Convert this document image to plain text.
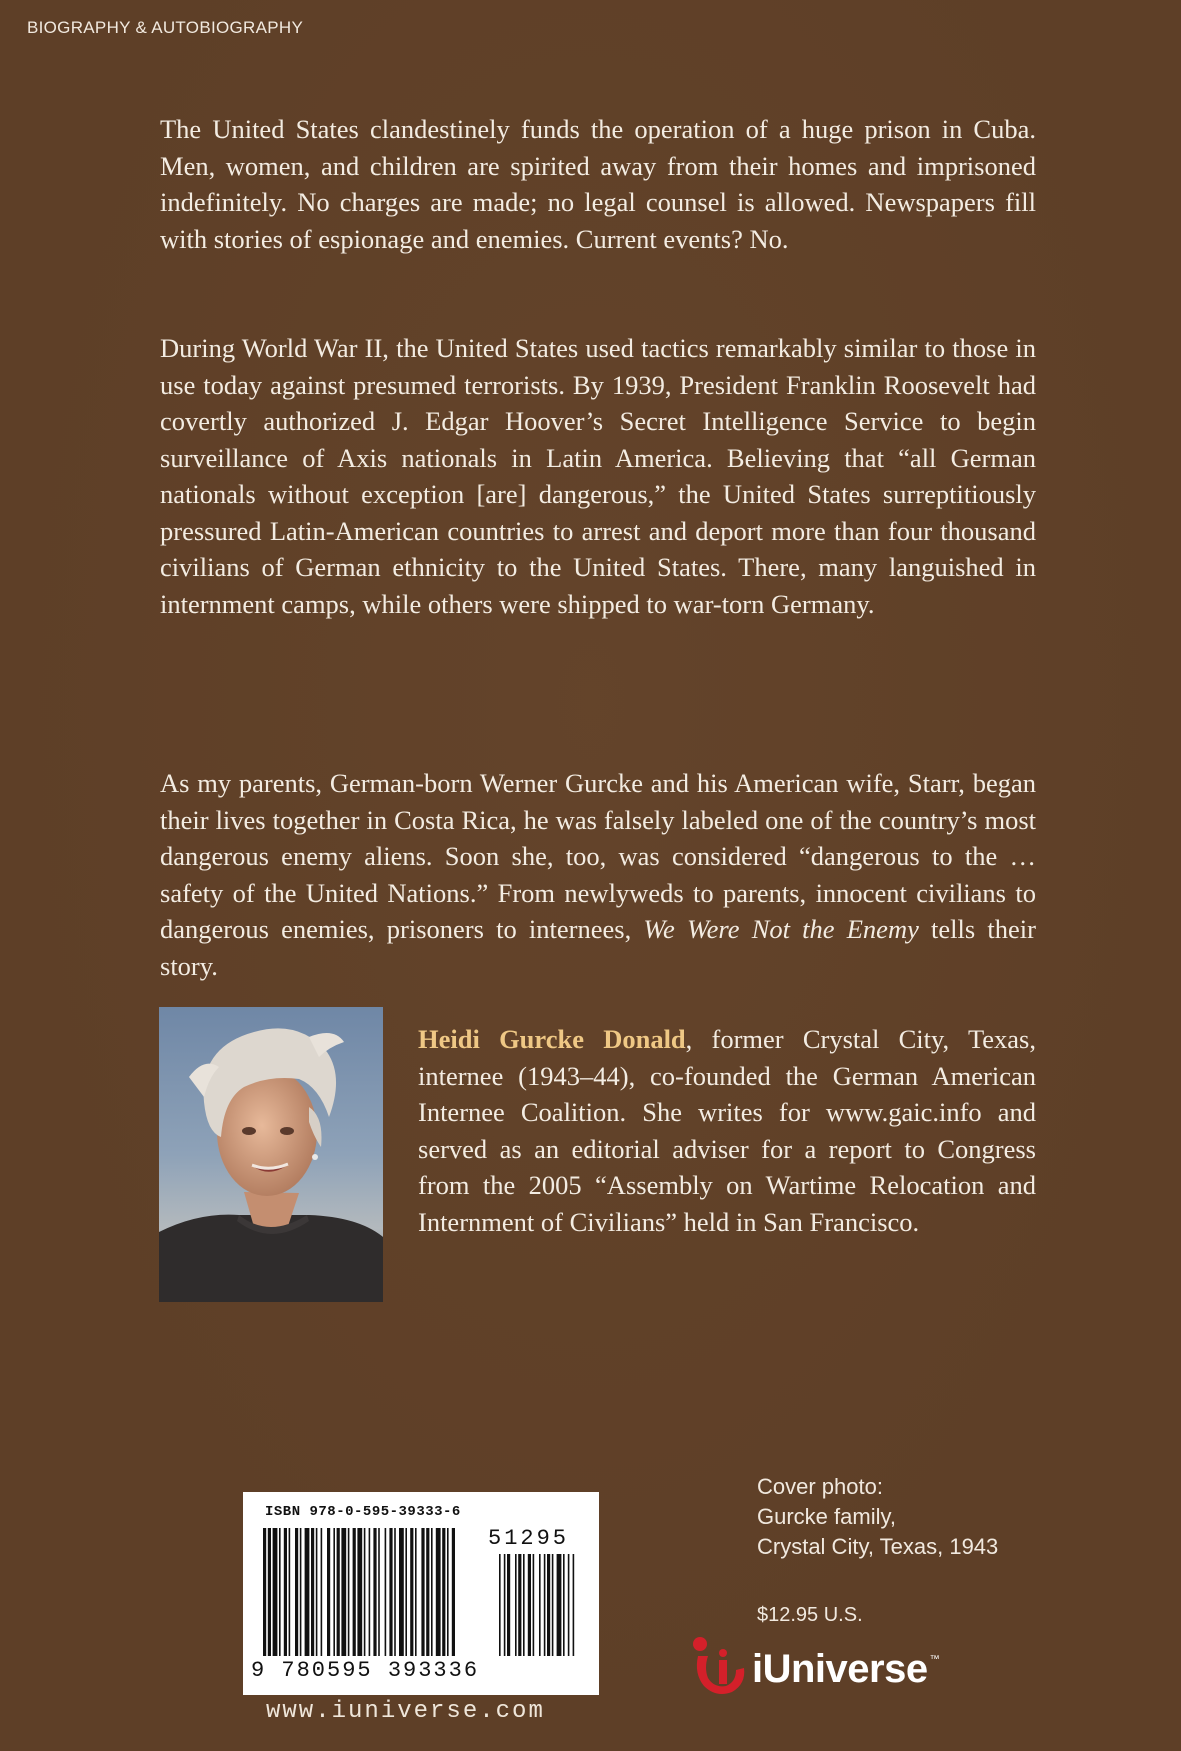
BIOGRAPHY & AUTOBIOGRAPHY
The United States clandestinely funds the operation of a huge prison in Cuba. Men, women, and children are spirited away from their homes and imprisoned indefinitely. No charges are made; no legal counsel is allowed. Newspapers fill with stories of espionage and enemies. Current events? No.
During World War II, the United States used tactics remarkably similar to those in use today against presumed terrorists. By 1939, President Franklin Roosevelt had covertly authorized J. Edgar Hoover’s Secret Intelligence Service to begin surveillance of Axis nationals in Latin America. Believing that “all German nationals without exception [are] dangerous,” the United States surreptitiously pressured Latin-American countries to arrest and deport more than four thousand civilians of German ethnicity to the United States. There, many languished in internment camps, while others were shipped to war-torn Germany.
As my parents, German-born Werner Gurcke and his American wife, Starr, began their lives together in Costa Rica, he was falsely labeled one of the country’s most dangerous enemy aliens. Soon she, too, was considered “dangerous to the … safety of the United Nations.” From newlyweds to parents, innocent civilians to dangerous enemies, prisoners to internees, We Were Not the Enemy tells their story.
Heidi Gurcke Donald, former Crystal City, Texas, internee (1943–44), co-founded the German American Internee Coalition. She writes for www.gaic.info and served as an editorial adviser for a report to Congress from the 2005 “Assembly on Wartime Relocation and Internment of Civilians” held in San Francisco.
ISBN 978-0-595-39333-6
51295
9 780595 393336
www.iuniverse.com
Cover photo:
Gurcke family,
Crystal City, Texas, 1943
$12.95 U.S.
iUniverse ™
